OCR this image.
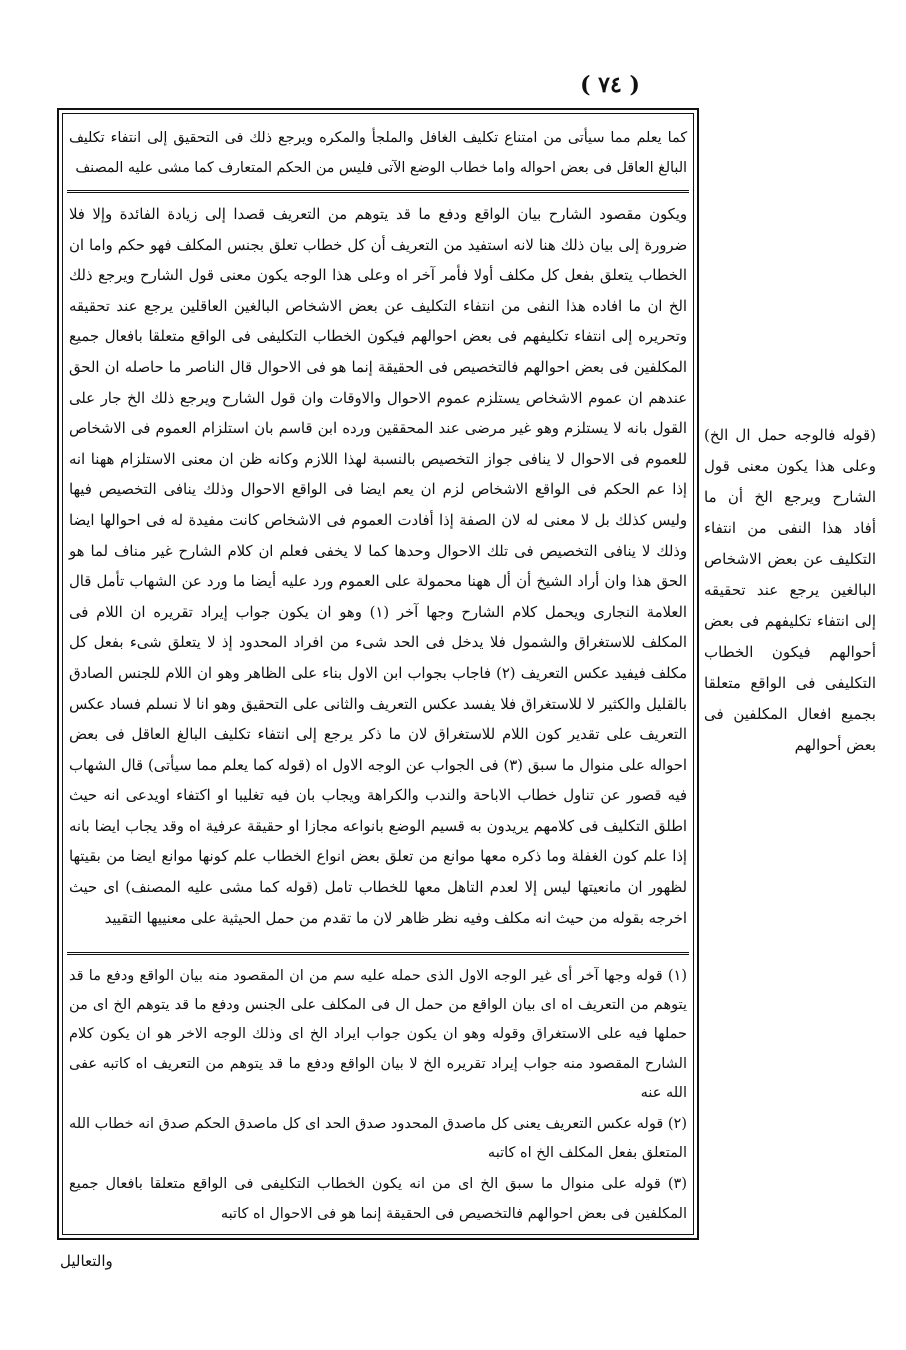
( ٧٤ )
كما يعلم مما سيأتى من امتناع تكليف الغافل والملجأ والمكره ويرجع ذلك فى التحقيق إلى انتفاء تكليف البالغ العاقل فى بعض احواله واما خطاب الوضع الآتى فليس من الحكم المتعارف كما مشى عليه المصنف

ويكون مقصود الشارح بيان الواقع ودفع ما قد يتوهم من التعريف قصدا إلى زيادة الفائدة وإلا فلا ضرورة إلى بيان ذلك هنا لانه استفيد من التعريف أن كل خطاب تعلق بجنس المكلف فهو حكم واما ان الخطاب يتعلق بفعل كل مكلف أولا فأمر آخر اه وعلى هذا الوجه يكون معنى قول الشارح ويرجع ذلك الخ ان ما افاده هذا النفى من انتفاء التكليف عن بعض الاشخاص البالغين العاقلين يرجع عند تحقيقه وتحريره إلى انتفاء تكليفهم فى بعض احوالهم فيكون الخطاب التكليفى فى الواقع متعلقا بافعال جميع المكلفين فى بعض احوالهم فالتخصيص فى الحقيقة إنما هو فى الاحوال قال الناصر ما حاصله ان الحق عندهم ان عموم الاشخاص يستلزم عموم الاحوال والاوقات وان قول الشارح ويرجع ذلك الخ جار على القول بانه لا يستلزم وهو غير مرضى عند المحققين ورده ابن قاسم بان استلزام العموم فى الاشخاص للعموم فى الاحوال لا ينافى جواز التخصيص بالنسبة لهذا اللازم وكانه ظن ان معنى الاستلزام ههنا انه إذا عم الحكم فى الواقع الاشخاص لزم ان يعم ايضا فى الواقع الاحوال وذلك ينافى التخصيص فيها وليس كذلك بل لا معنى له لان الصفة إذا أفادت العموم فى الاشخاص كانت مفيدة له فى احوالها ايضا وذلك لا ينافى التخصيص فى تلك الاحوال وحدها كما لا يخفى فعلم ان كلام الشارح غير مناف لما هو الحق هذا وان أراد الشيخ أن أل ههنا محمولة على العموم ورد عليه أيضا ما ورد عن الشهاب تأمل قال العلامة النجارى ويحمل كلام الشارح وجها آخر (١) وهو ان يكون جواب إيراد تقريره ان اللام فى المكلف للاستغراق والشمول فلا يدخل فى الحد شىء من افراد المحدود إذ لا يتعلق شىء بفعل كل مكلف فيفيد عكس التعريف (٢) فاجاب بجواب ابن الاول بناء على الظاهر وهو ان اللام للجنس الصادق بالقليل والكثير لا للاستغراق فلا يفسد عكس التعريف والثانى على التحقيق وهو انا لا نسلم فساد عكس التعريف على تقدير كون اللام للاستغراق لان ما ذكر يرجع إلى انتفاء تكليف البالغ العاقل فى بعض احواله على منوال ما سبق (٣) فى الجواب عن الوجه الاول اه (قوله كما يعلم مما سيأتى) قال الشهاب فيه قصور عن تناول خطاب الاباحة والندب والكراهة ويجاب بان فيه تغليبا او اكتفاء اويدعى انه حيث اطلق التكليف فى كلامهم يريدون به قسيم الوضع بانواعه مجازا او حقيقة عرفية اه وقد يجاب ايضا بانه إذا علم كون الغفلة وما ذكره معها موانع من تعلق بعض انواع الخطاب علم كونها موانع ايضا من بقيتها لظهور ان مانعيتها ليس إلا لعدم التاهل معها للخطاب تامل (قوله كما مشى عليه المصنف) اى حيث اخرجه بقوله من حيث انه مكلف وفيه نظر ظاهر لان ما تقدم من حمل الحيثية على معنييها التقييد

(١) قوله وجها آخر أى غير الوجه الاول الذى حمله عليه سم من ان المقصود منه بيان الواقع ودفع ما قد يتوهم من التعريف اه اى بيان الواقع من حمل ال فى المكلف على الجنس ودفع ما قد يتوهم الخ اى من حملها فيه على الاستغراق وقوله وهو ان يكون جواب ايراد الخ اى وذلك الوجه الاخر هو ان يكون كلام الشارح المقصود منه جواب إيراد تقريره الخ لا بيان الواقع ودفع ما قد يتوهم من التعريف اه كاتبه عفى الله عنه

(٢) قوله عكس التعريف يعنى كل ماصدق المحدود صدق الحد اى كل ماصدق الحكم صدق انه خطاب الله المتعلق بفعل المكلف الخ اه كاتبه

(٣) قوله على منوال ما سبق الخ اى من انه يكون الخطاب التكليفى فى الواقع متعلقا بافعال جميع المكلفين فى بعض احوالهم فالتخصيص فى الحقيقة إنما هو فى الاحوال اه كاتبه

(قوله فالوجه حمل ال الخ) وعلى هذا يكون معنى قول الشارح ويرجع الخ أن ما أفاد هذا النفى من انتفاء التكليف عن بعض الاشخاص البالغين يرجع عند تحقيقه إلى انتفاء تكليفهم فى بعض أحوالهم فيكون الخطاب التكليفى فى الواقع متعلقا بجميع افعال المكلفين فى بعض أحوالهم
والتعاليل
